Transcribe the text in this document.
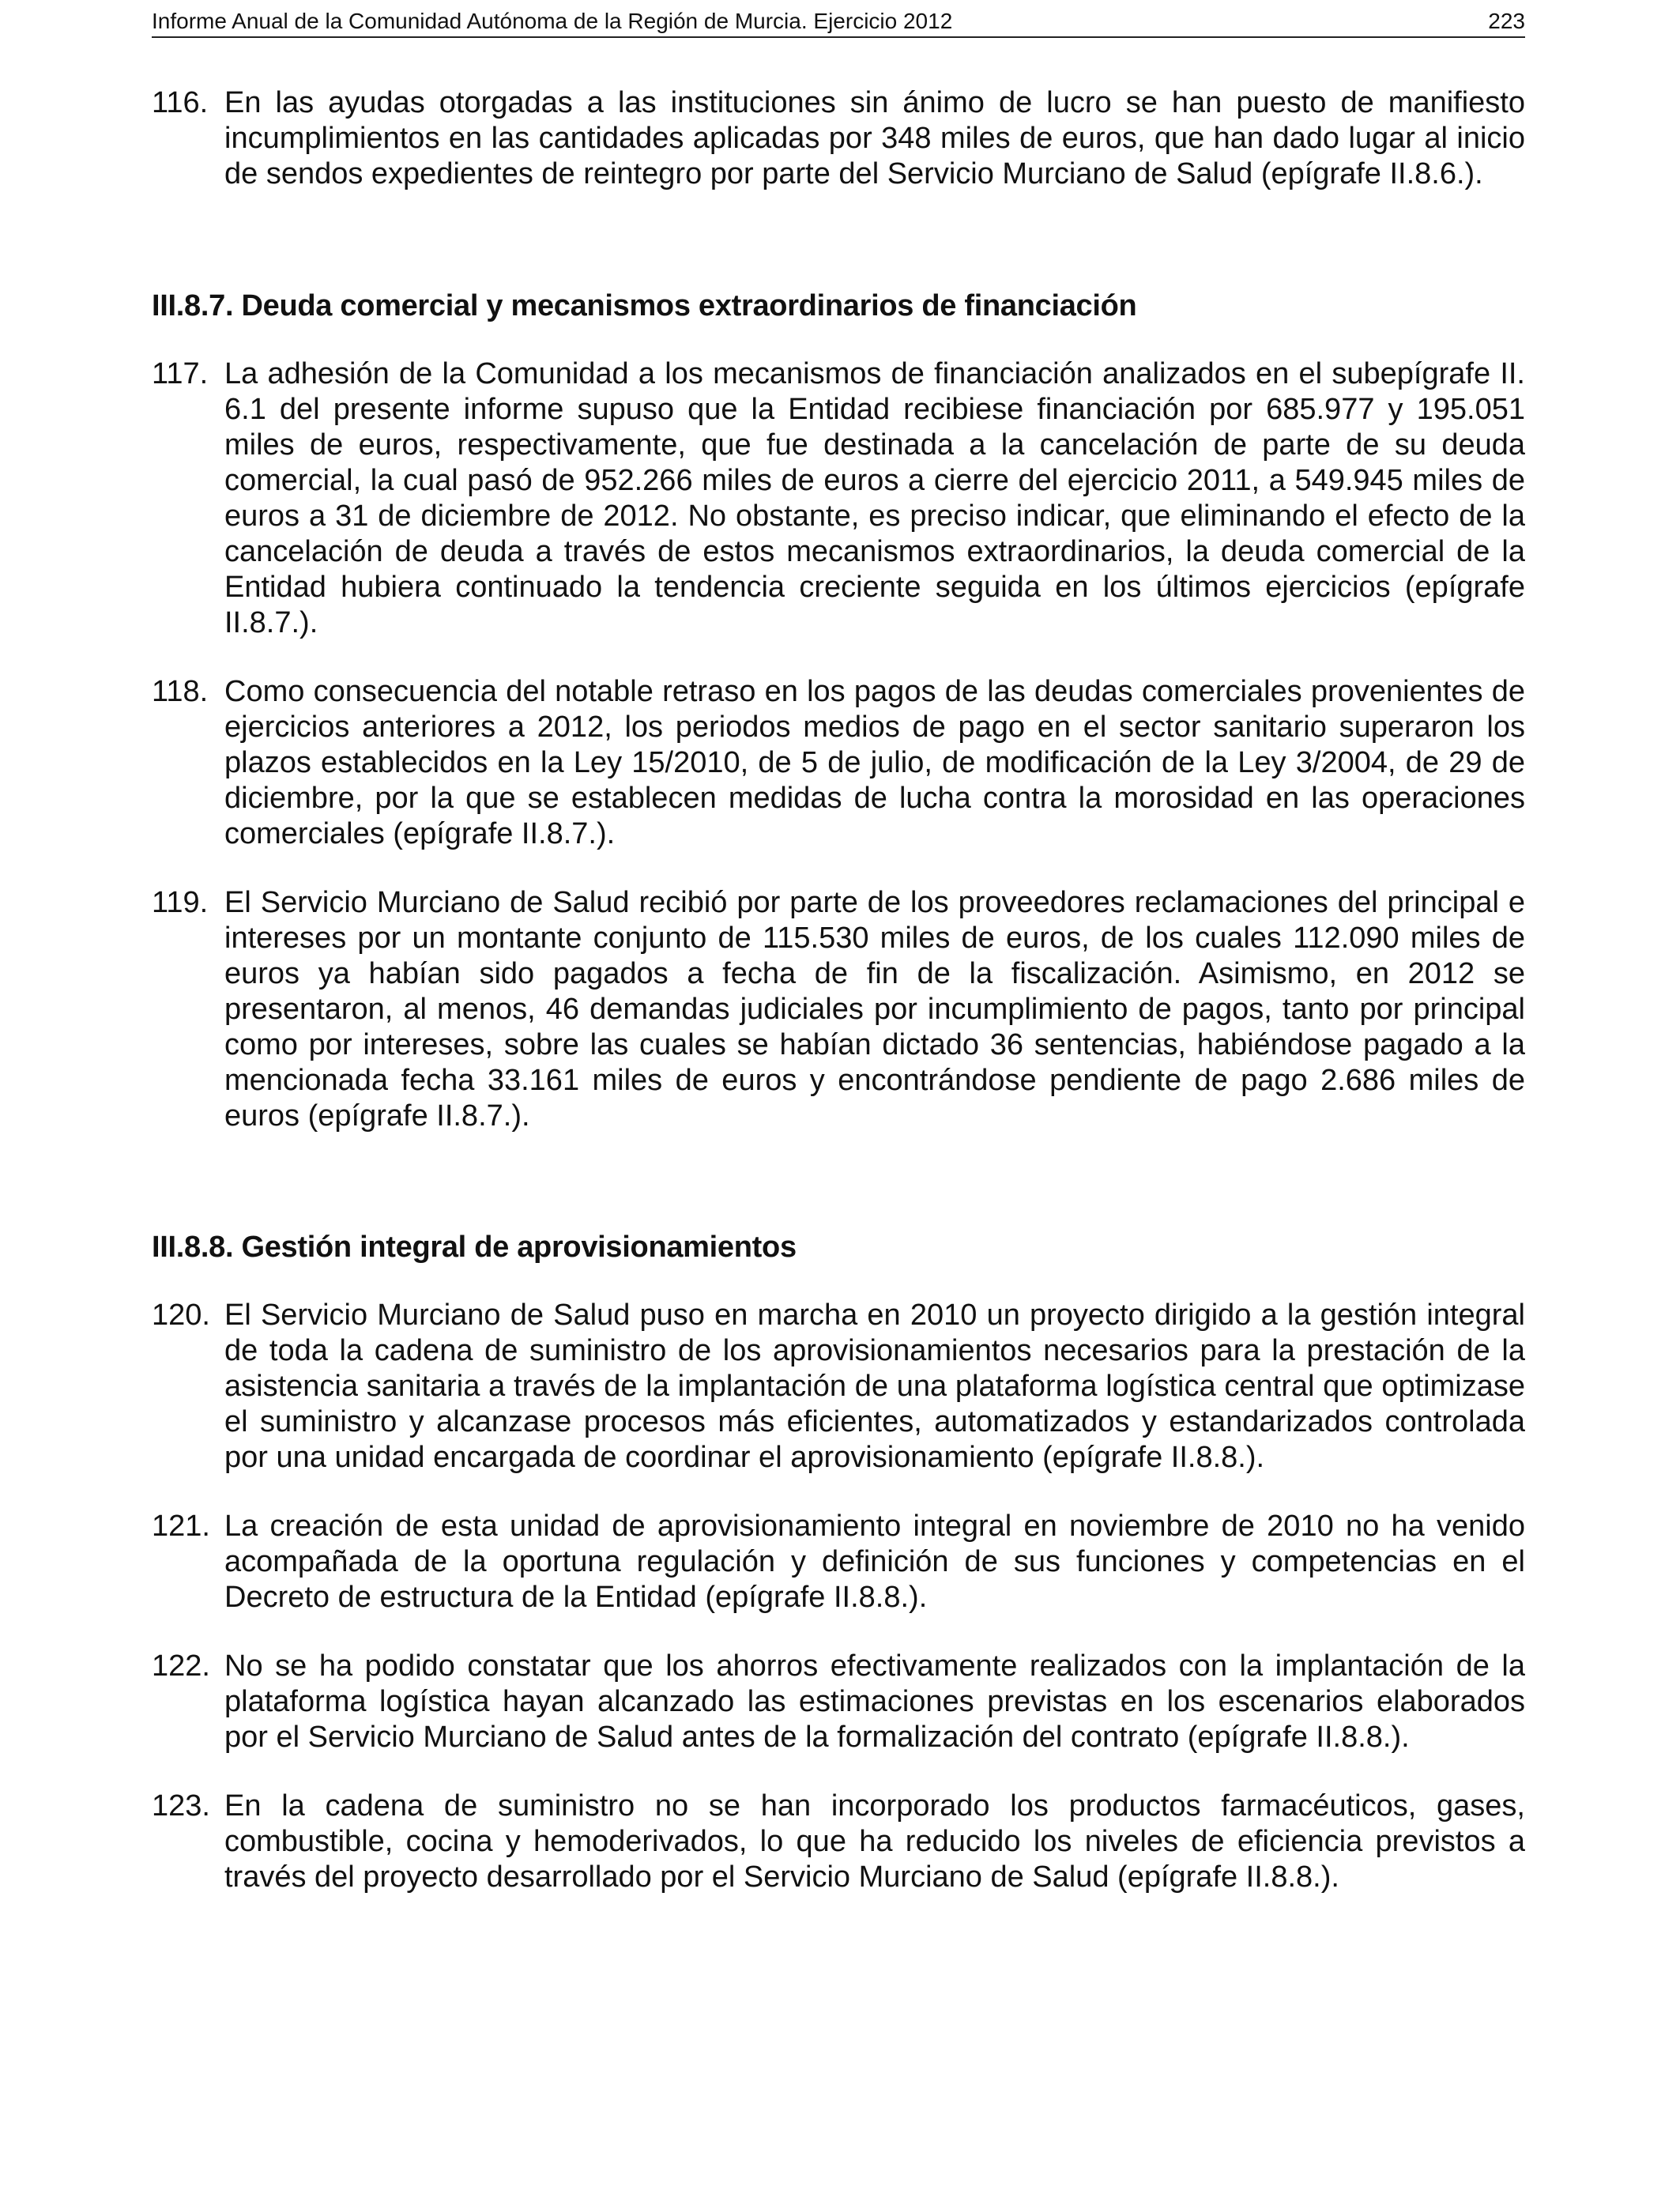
Informe Anual de la Comunidad Autónoma de la Región de Murcia. Ejercicio 2012	223
116. En las ayudas otorgadas a las instituciones sin ánimo de lucro se han puesto de manifiesto incumplimientos en las cantidades aplicadas por 348 miles de euros, que han dado lugar al inicio de sendos expedientes de reintegro por parte del Servicio Murciano de Salud (epígrafe II.8.6.).
III.8.7. Deuda comercial y mecanismos extraordinarios de financiación
117. La adhesión de la Comunidad a los mecanismos de financiación analizados en el subepígrafe II. 6.1 del presente informe supuso que la Entidad recibiese financiación por 685.977 y 195.051 miles de euros, respectivamente, que fue destinada a la cancelación de parte de su deuda comercial, la cual pasó de 952.266 miles de euros a cierre del ejercicio 2011, a 549.945 miles de euros a 31 de diciembre de 2012. No obstante, es preciso indicar, que eliminando el efecto de la cancelación de deuda a través de estos mecanismos extraordinarios, la deuda comercial de la Entidad hubiera continuado la tendencia creciente seguida en los últimos ejercicios (epígrafe II.8.7.).
118. Como consecuencia del notable retraso en los pagos de las deudas comerciales provenientes de ejercicios anteriores a 2012, los periodos medios de pago en el sector sanitario superaron los plazos establecidos en la Ley 15/2010, de 5 de julio, de modificación de la Ley 3/2004, de 29 de diciembre, por la que se establecen medidas de lucha contra la morosidad en las operaciones comerciales (epígrafe II.8.7.).
119. El Servicio Murciano de Salud recibió por parte de los proveedores reclamaciones del principal e intereses por un montante conjunto de 115.530 miles de euros, de los cuales 112.090 miles de euros ya habían sido pagados a fecha de fin de la fiscalización. Asimismo, en 2012 se presentaron, al menos, 46 demandas judiciales por incumplimiento de pagos, tanto por principal como por intereses, sobre las cuales se habían dictado 36 sentencias, habiéndose pagado a la mencionada fecha 33.161 miles de euros y encontrándose pendiente de pago 2.686 miles de euros (epígrafe II.8.7.).
III.8.8. Gestión integral de aprovisionamientos
120. El Servicio Murciano de Salud puso en marcha en 2010 un proyecto dirigido a la gestión integral de toda la cadena de suministro de los aprovisionamientos necesarios para la prestación de la asistencia sanitaria a través de la implantación de una plataforma logística central que optimizase el suministro y alcanzase procesos más eficientes, automatizados y estandarizados controlada por una unidad encargada de coordinar el aprovisionamiento (epígrafe II.8.8.).
121. La creación de esta unidad de aprovisionamiento integral en noviembre de 2010 no ha venido acompañada de la oportuna regulación y definición de sus funciones y competencias en el Decreto de estructura de la Entidad (epígrafe II.8.8.).
122. No se ha podido constatar que los ahorros efectivamente realizados con la implantación de la plataforma logística hayan alcanzado las estimaciones previstas en los escenarios elaborados por el Servicio Murciano de Salud antes de la formalización del contrato (epígrafe II.8.8.).
123. En la cadena de suministro no se han incorporado los productos farmacéuticos, gases, combustible, cocina y hemoderivados, lo que ha reducido los niveles de eficiencia previstos a través del proyecto desarrollado por el Servicio Murciano de Salud (epígrafe II.8.8.).
